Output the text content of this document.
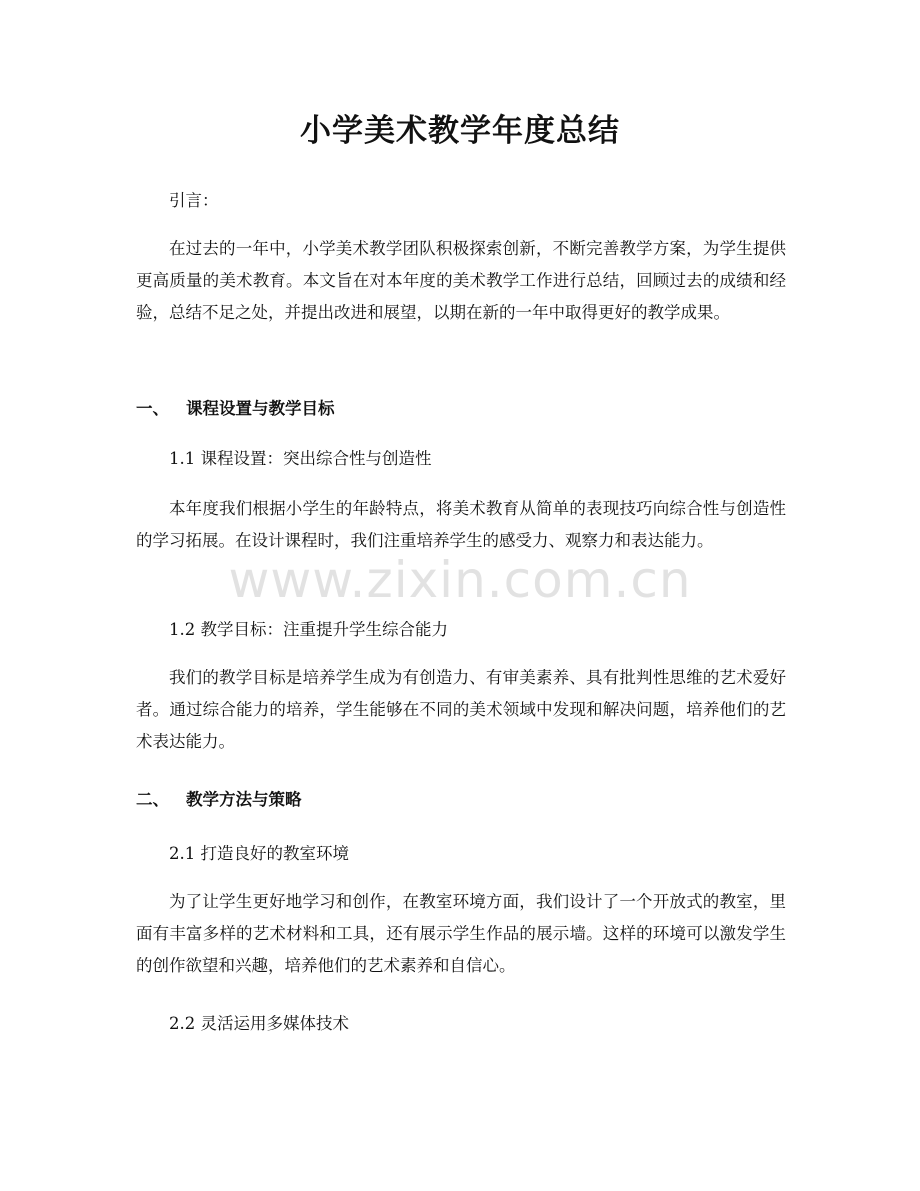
小学美术教学年度总结

引言：

在过去的一年中，小学美术教学团队积极探索创新，不断完善教学方案，为学生提供更高质量的美术教育。本文旨在对本年度的美术教学工作进行总结，回顾过去的成绩和经验，总结不足之处，并提出改进和展望，以期在新的一年中取得更好的教学成果。

一、 课程设置与教学目标

1.1 课程设置：突出综合性与创造性

本年度我们根据小学生的年龄特点，将美术教育从简单的表现技巧向综合性与创造性的学习拓展。在设计课程时，我们注重培养学生的感受力、观察力和表达能力。

1.2 教学目标：注重提升学生综合能力

我们的教学目标是培养学生成为有创造力、有审美素养、具有批判性思维的艺术爱好者。通过综合能力的培养，学生能够在不同的美术领域中发现和解决问题，培养他们的艺术表达能力。

二、 教学方法与策略

2.1 打造良好的教室环境

为了让学生更好地学习和创作，在教室环境方面，我们设计了一个开放式的教室，里面有丰富多样的艺术材料和工具，还有展示学生作品的展示墙。这样的环境可以激发学生的创作欲望和兴趣，培养他们的艺术素养和自信心。

2.2 灵活运用多媒体技术

www.zixin.com.cn
